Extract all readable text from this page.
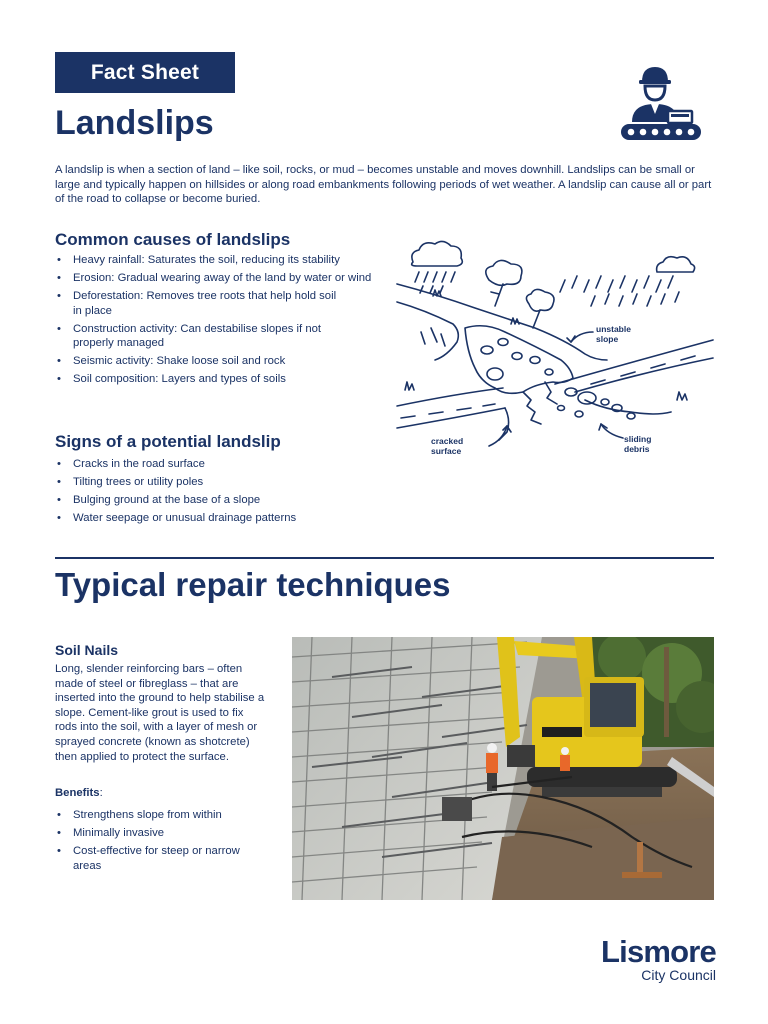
Fact Sheet
Landslips

A landslip is when a section of land – like soil, rocks, or mud – becomes unstable and moves downhill. Landslips can be small or large and typically happen on hillsides or along road embankments following periods of wet weather. A landslip can cause all or part of the road to collapse or become buried.

Common causes of landslips
• Heavy rainfall: Saturates the soil, reducing its stability
• Erosion: Gradual wearing away of the land by water or wind
• Deforestation: Removes tree roots that help hold soil in place
• Construction activity: Can destabilise slopes if not properly managed
• Seismic activity: Shake loose soil and rock
• Soil composition: Layers and types of soils
Signs of a potential landslip
• Cracks in the road surface
• Tilting trees or utility poles
• Bulging ground at the base of a slope
• Water seepage or unusual drainage patterns
unstable
slope
cracked
surface
sliding
debris
Typical repair techniques
Soil Nails

Long, slender reinforcing bars – often made of steel or fibreglass – that are inserted into the ground to help stabilise a slope. Cement-like grout is used to fix rods into the soil, with a layer of mesh or sprayed concrete (known as shotcrete) then applied to protect the surface.

Benefits:

• Strengthens slope from within
• Minimally invasive
• Cost-effective for steep or narrow areas
Lismore
City Council
